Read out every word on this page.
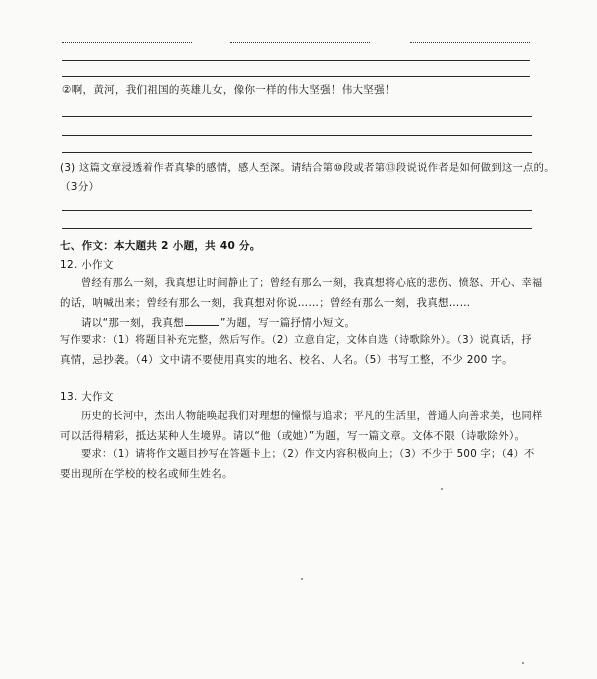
②啊，黄河，我们祖国的英雄儿女，像你一样的伟大坚强！伟大坚强！
(3) 这篇文章浸透着作者真挚的感情，感人至深。请结合第⑩段或者第⑬段说说作者是如何做到这一点的。
（3分）
七、作文：本大题共 2 小题，共 40 分。
12. 小作文
曾经有那么一刻，我真想让时间静止了；曾经有那么一刻，我真想将心底的悲伤、愤怒、开心、幸福
的话，呐喊出来；曾经有那么一刻，我真想对你说……；曾经有那么一刻，我真想……
请以“那一刻，我真想	”为题，写一篇抒情小短文。
写作要求：（1）将题目补充完整，然后写作。（2）立意自定，文体自选（诗歌除外）。（3）说真话，抒
真情，忌抄袭。（4）文中请不要使用真实的地名、校名、人名。（5）书写工整，不少 200 字。
13. 大作文
历史的长河中，杰出人物能唤起我们对理想的憧憬与追求；平凡的生活里，普通人向善求美，也同样
可以活得精彩，抵达某种人生境界。请以“他（或她）”为题，写一篇文章。文体不限（诗歌除外）。
要求：（1）请将作文题目抄写在答题卡上；（2）作文内容积极向上；（3）不少于 500 字；（4）不
要出现所在学校的校名或师生姓名。
